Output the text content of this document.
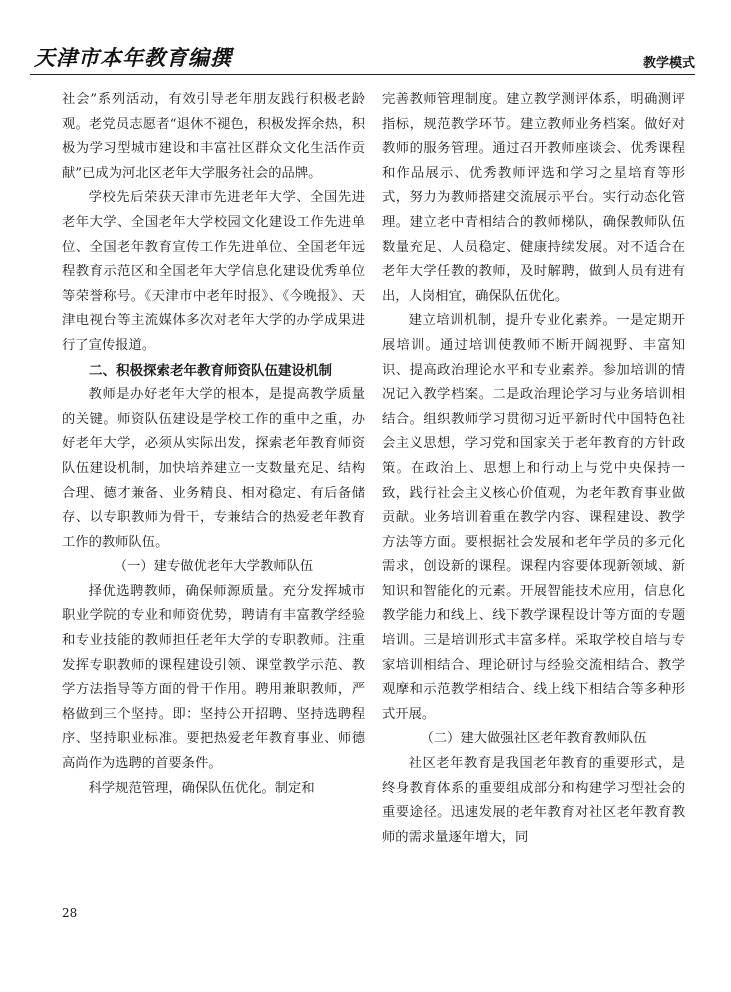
天津市本年教育编撰	教学模式

社会”系列活动，有效引导老年朋友践行积极老龄观。老党员志愿者“退休不褪色，积极发挥余热，积极为学习型城市建设和丰富社区群众文化生活作贡献”已成为河北区老年大学服务社会的品牌。

学校先后荣获天津市先进老年大学、全国先进老年大学、全国老年大学校园文化建设工作先进单位、全国老年教育宣传工作先进单位、全国老年远程教育示范区和全国老年大学信息化建设优秀单位等荣誉称号。《天津市中老年时报》、《今晚报》、天津电视台等主流媒体多次对老年大学的办学成果进行了宣传报道。

二、积极探索老年教育师资队伍建设机制

教师是办好老年大学的根本，是提高教学质量的关键。师资队伍建设是学校工作的重中之重，办好老年大学，必须从实际出发，探索老年教育师资队伍建设机制，加快培养建立一支数量充足、结构合理、德才兼备、业务精良、相对稳定、有后备储存、以专职教师为骨干，专兼结合的热爱老年教育工作的教师队伍。

（一）建专做优老年大学教师队伍

择优选聘教师，确保师源质量。充分发挥城市职业学院的专业和师资优势，聘请有丰富教学经验和专业技能的教师担任老年大学的专职教师。注重发挥专职教师的课程建设引领、课堂教学示范、教学方法指导等方面的骨干作用。聘用兼职教师，严格做到三个坚持。即：坚持公开招聘、坚持选聘程序、坚持职业标准。要把热爱老年教育事业、师德高尚作为选聘的首要条件。

科学规范管理，确保队伍优化。制定和

完善教师管理制度。建立教学测评体系，明确测评指标，规范教学环节。建立教师业务档案。做好对教师的服务管理。通过召开教师座谈会、优秀课程和作品展示、优秀教师评选和学习之星培育等形式，努力为教师搭建交流展示平台。实行动态化管理。建立老中青相结合的教师梯队，确保教师队伍数量充足、人员稳定、健康持续发展。对不适合在老年大学任教的教师，及时解聘，做到人员有进有出，人岗相宜，确保队伍优化。

建立培训机制，提升专业化素养。一是定期开展培训。通过培训使教师不断开阔视野、丰富知识、提高政治理论水平和专业素养。参加培训的情况记入教学档案。二是政治理论学习与业务培训相结合。组织教师学习贯彻习近平新时代中国特色社会主义思想，学习党和国家关于老年教育的方针政策。在政治上、思想上和行动上与党中央保持一致，践行社会主义核心价值观，为老年教育事业做贡献。业务培训着重在教学内容、课程建设、教学方法等方面。要根据社会发展和老年学员的多元化需求，创设新的课程。课程内容要体现新领域、新知识和智能化的元素。开展智能技术应用，信息化教学能力和线上、线下教学课程设计等方面的专题培训。三是培训形式丰富多样。采取学校自培与专家培训相结合、理论研讨与经验交流相结合、教学观摩和示范教学相结合、线上线下相结合等多种形式开展。

（二）建大做强社区老年教育教师队伍

社区老年教育是我国老年教育的重要形式，是终身教育体系的重要组成部分和构建学习型社会的重要途径。迅速发展的老年教育对社区老年教育教师的需求量逐年增大，同

28
